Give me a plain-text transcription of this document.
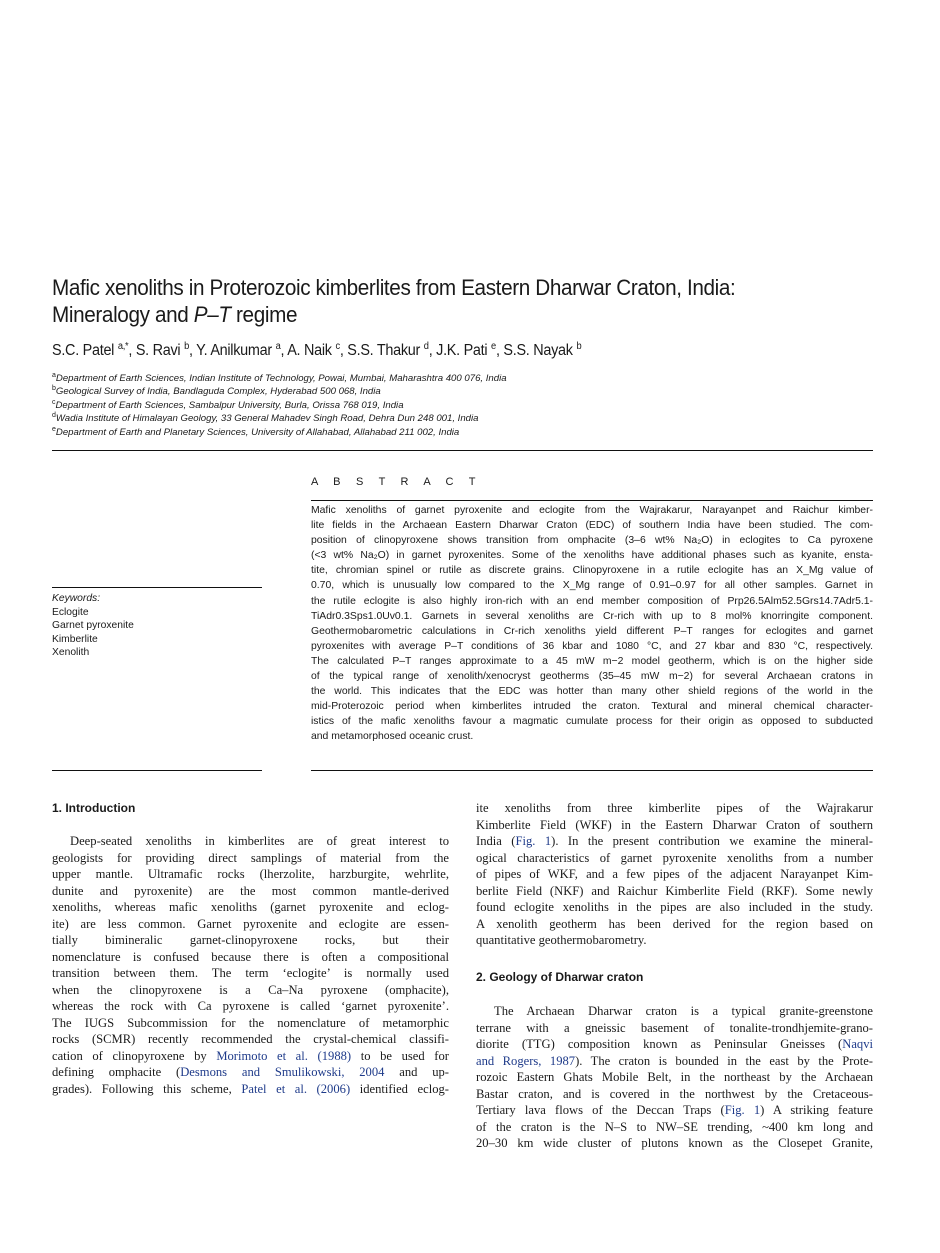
Mafic xenoliths in Proterozoic kimberlites from Eastern Dharwar Craton, India:
Mineralogy and P–T regime
S.C. Patel $^{a,*}$, S. Ravi $^b$, Y. Anilkumar $^a$, A. Naik $^c$, S.S. Thakur $^d$, J.K. Pati $^e$, S.S. Nayak $^b$
$^a$Department of Earth Sciences, Indian Institute of Technology, Powai, Mumbai, Maharashtra 400 076, India
$^b$Geological Survey of India, Bandlaguda Complex, Hyderabad 500 068, India
$^c$Department of Earth Sciences, Sambalpur University, Burla, Orissa 768 019, India
$^d$Wadia Institute of Himalayan Geology, 33 General Mahadev Singh Road, Dehra Dun 248 001, India
$^e$Department of Earth and Planetary Sciences, University of Allahabad, Allahabad 211 002, India
A B S T R A C T
Mafic xenoliths of garnet pyroxenite and eclogite from the Wajrakarur, Narayanpet and Raichur kimber-
lite fields in the Archaean Eastern Dharwar Craton (EDC) of southern India have been studied. The com-
position of clinopyroxene shows transition from omphacite (3–6 wt% Na₂O) in eclogites to Ca pyroxene
(<3 wt% Na₂O) in garnet pyroxenites. Some of the xenoliths have additional phases such as kyanite, ensta-
tite, chromian spinel or rutile as discrete grains. Clinopyroxene in a rutile eclogite has an X_Mg value of
0.70, which is unusually low compared to the X_Mg range of 0.91–0.97 for all other samples. Garnet in
the rutile eclogite is also highly iron-rich with an end member composition of Prp26.5Alm52.5Grs14.7Adr5.1-
TiAdr0.3Sps1.0Uv0.1. Garnets in several xenoliths are Cr-rich with up to 8 mol% knorringite component.
Geothermobarometric calculations in Cr-rich xenoliths yield different P–T ranges for eclogites and garnet
pyroxenites with average P–T conditions of 36 kbar and 1080 °C, and 27 kbar and 830 °C, respectively.
The calculated P–T ranges approximate to a 45 mW m−2 model geotherm, which is on the higher side
of the typical range of xenolith/xenocryst geotherms (35–45 mW m−2) for several Archaean cratons in
the world. This indicates that the EDC was hotter than many other shield regions of the world in the
mid-Proterozoic period when kimberlites intruded the craton. Textural and mineral chemical character-
istics of the mafic xenoliths favour a magmatic cumulate process for their origin as opposed to subducted
and metamorphosed oceanic crust.
Keywords:
Eclogite
Garnet pyroxenite
Kimberlite
Xenolith
1. Introduction
Deep-seated xenoliths in kimberlites are of great interest to
geologists for providing direct samplings of material from the
upper mantle. Ultramafic rocks (lherzolite, harzburgite, wehrlite,
dunite and pyroxenite) are the most common mantle-derived
xenoliths, whereas mafic xenoliths (garnet pyroxenite and eclog-
ite) are less common. Garnet pyroxenite and eclogite are essen-
tially bimineralic garnet-clinopyroxene rocks, but their
nomenclature is confused because there is often a compositional
transition between them. The term ‘eclogite’ is normally used
when the clinopyroxene is a Ca–Na pyroxene (omphacite),
whereas the rock with Ca pyroxene is called ‘garnet pyroxenite’.
The IUGS Subcommission for the nomenclature of metamorphic
rocks (SCMR) recently recommended the crystal-chemical classifi-
cation of clinopyroxene by Morimoto et al. (1988) to be used for
defining omphacite (Desmons and Smulikowski, 2004 and up-
grades). Following this scheme, Patel et al. (2006) identified eclog-
ite xenoliths from three kimberlite pipes of the Wajrakarur
Kimberlite Field (WKF) in the Eastern Dharwar Craton of southern
India (Fig. 1). In the present contribution we examine the mineral-
ogical characteristics of garnet pyroxenite xenoliths from a number
of pipes of WKF, and a few pipes of the adjacent Narayanpet Kim-
berlite Field (NKF) and Raichur Kimberlite Field (RKF). Some newly
found eclogite xenoliths in the pipes are also included in the study.
A xenolith geotherm has been derived for the region based on
quantitative geothermobarometry.
2. Geology of Dharwar craton
The Archaean Dharwar craton is a typical granite-greenstone
terrane with a gneissic basement of tonalite-trondhjemite-grano-
diorite (TTG) composition known as Peninsular Gneisses (Naqvi
and Rogers, 1987). The craton is bounded in the east by the Prote-
rozoic Eastern Ghats Mobile Belt, in the northeast by the Archaean
Bastar craton, and is covered in the northwest by the Cretaceous-
Tertiary lava flows of the Deccan Traps (Fig. 1) A striking feature
of the craton is the N–S to NW–SE trending, ~400 km long and
20–30 km wide cluster of plutons known as the Closepet Granite,
